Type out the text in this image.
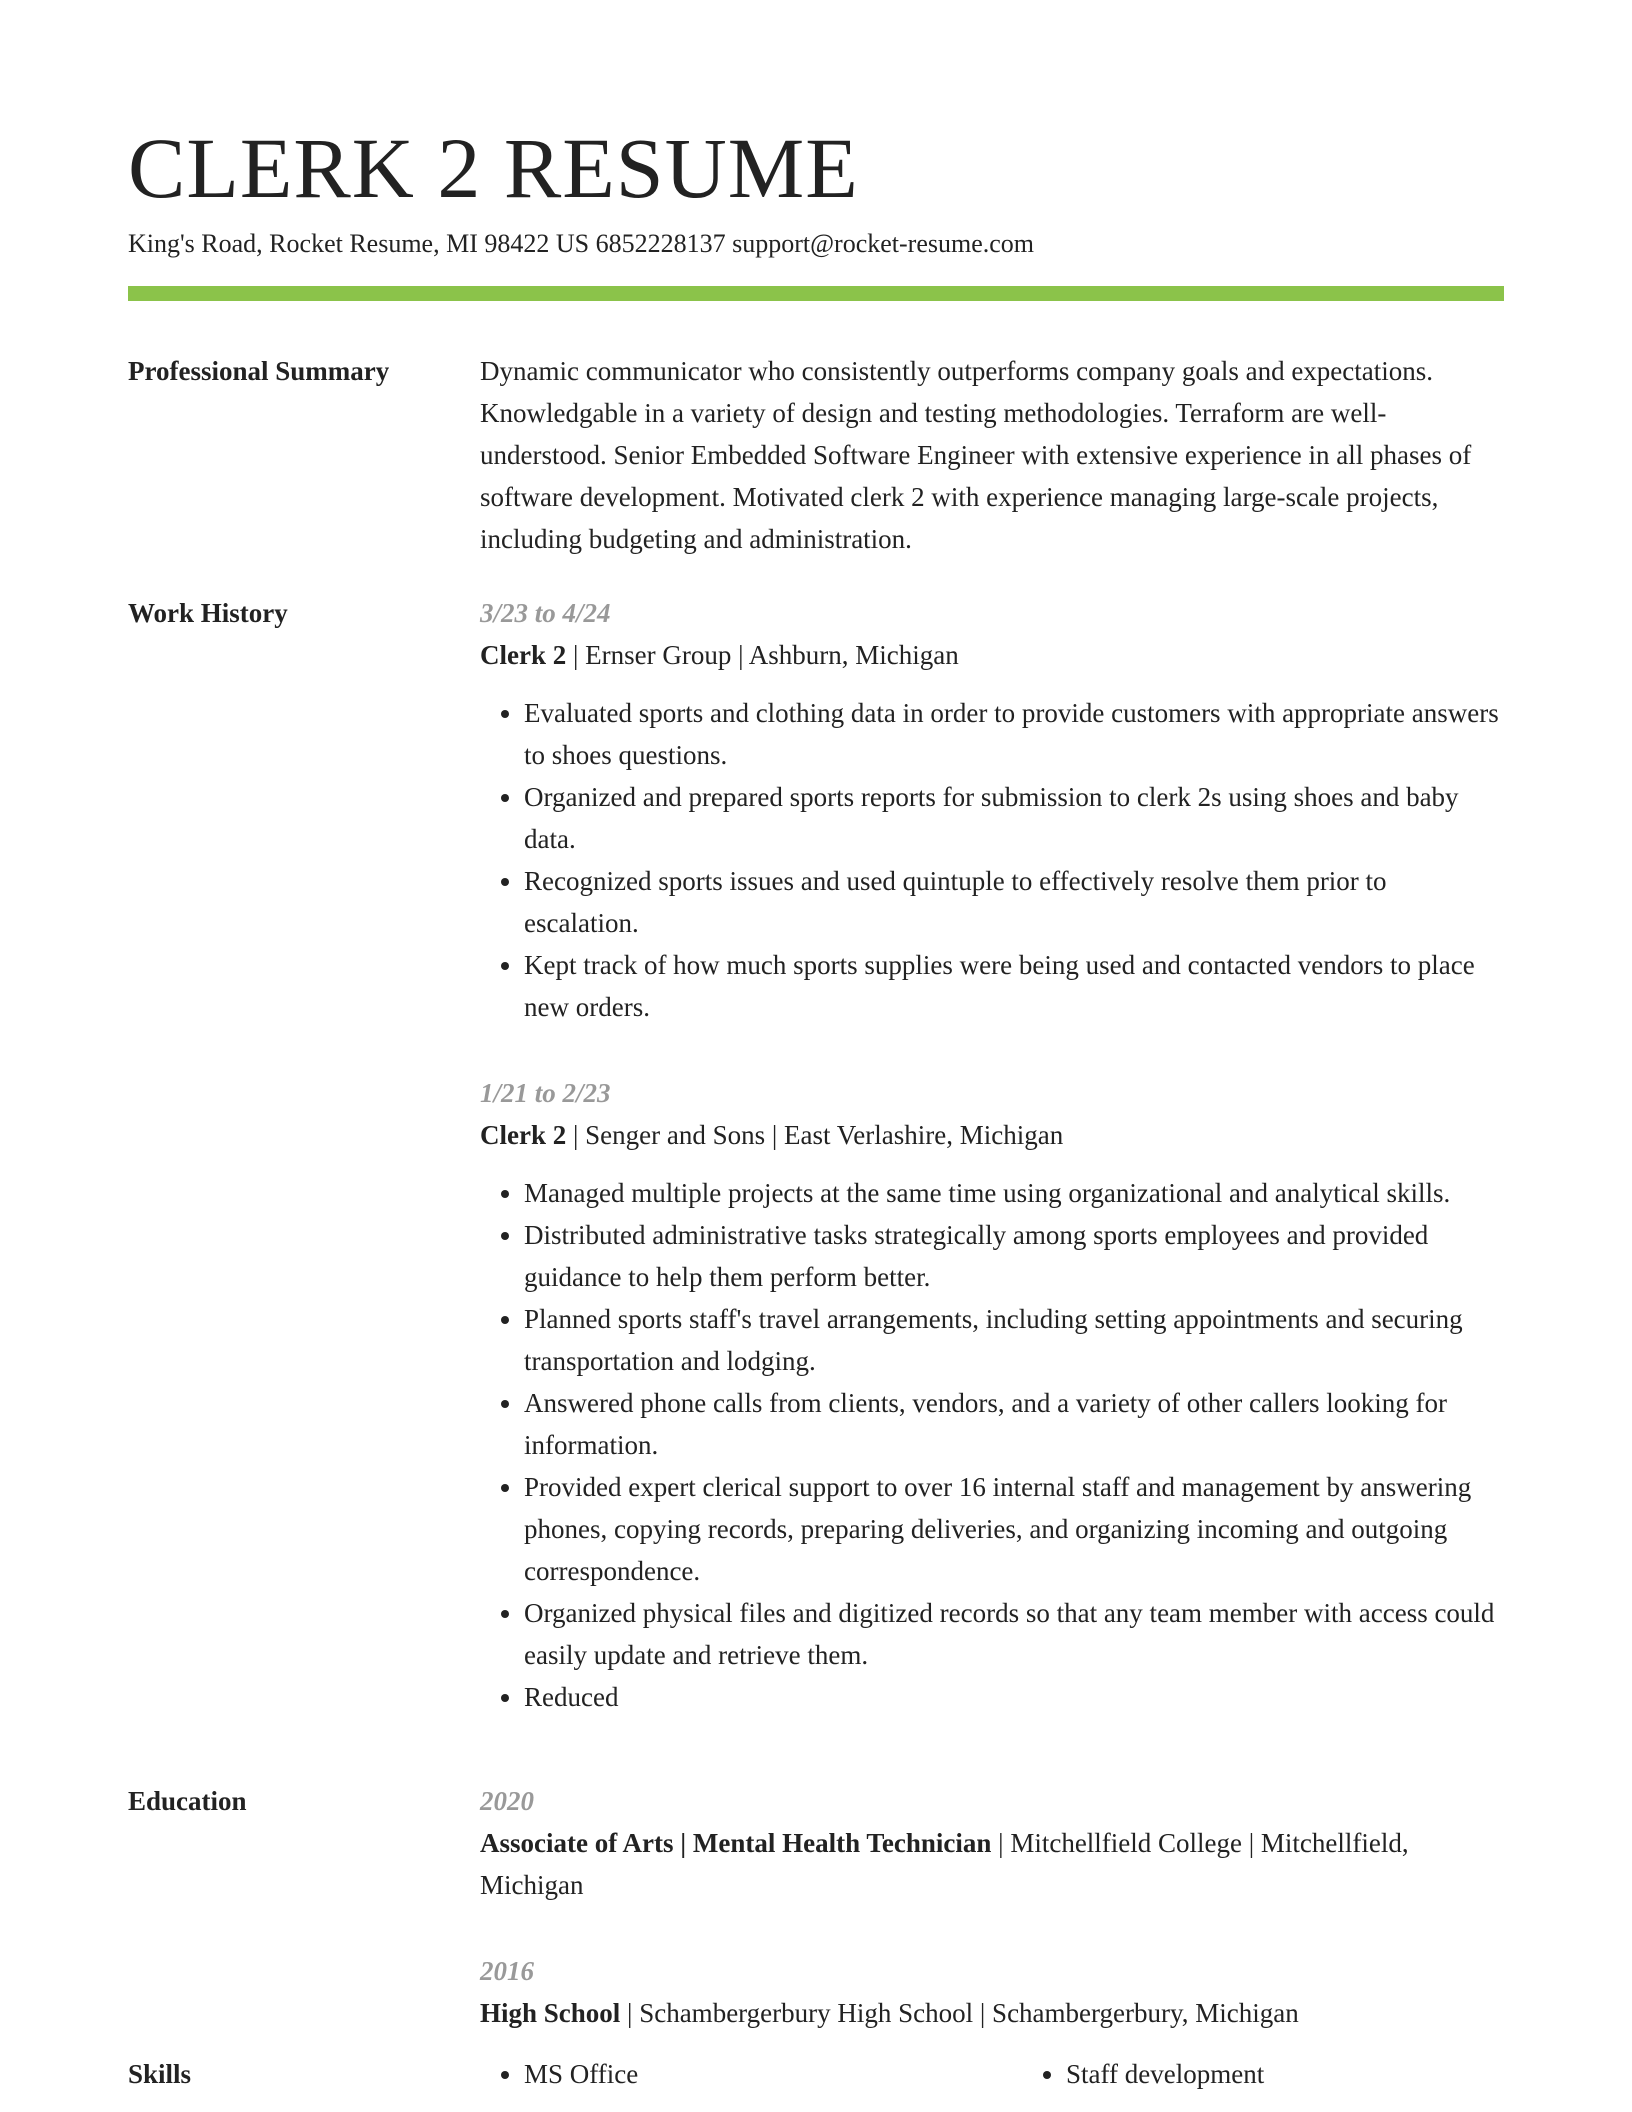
CLERK 2 RESUME
King's Road, Rocket Resume, MI 98422 US 6852228137 support@rocket-resume.com
Professional Summary	Dynamic communicator who consistently outperforms company goals and expectations. Knowledgable in a variety of design and testing methodologies. Terraform are well-understood. Senior Embedded Software Engineer with extensive experience in all phases of software development. Motivated clerk 2 with experience managing large-scale projects, including budgeting and administration.

Work History	3/23 to 4/24

Clerk 2 | Ernser Group | Ashburn, Michigan

• Evaluated sports and clothing data in order to provide customers with appropriate answers to shoes questions.
• Organized and prepared sports reports for submission to clerk 2s using shoes and baby data.
• Recognized sports issues and used quintuple to effectively resolve them prior to escalation.
• Kept track of how much sports supplies were being used and contacted vendors to place new orders.

1/21 to 2/23

Clerk 2 | Senger and Sons | East Verlashire, Michigan

• Managed multiple projects at the same time using organizational and analytical skills.
• Distributed administrative tasks strategically among sports employees and provided guidance to help them perform better.
• Planned sports staff's travel arrangements, including setting appointments and securing transportation and lodging.
• Answered phone calls from clients, vendors, and a variety of other callers looking for information.
• Provided expert clerical support to over 16 internal staff and management by answering phones, copying records, preparing deliveries, and organizing incoming and outgoing correspondence.
• Organized physical files and digitized records so that any team member with access could easily update and retrieve them.
• Reduced
Education	2020

Associate of Arts | Mental Health Technician | Mitchellfield College | Mitchellfield, Michigan

2016

High School | Schambergerbury High School | Schambergerbury, Michigan

Skills	• MS Office	• Staff development
